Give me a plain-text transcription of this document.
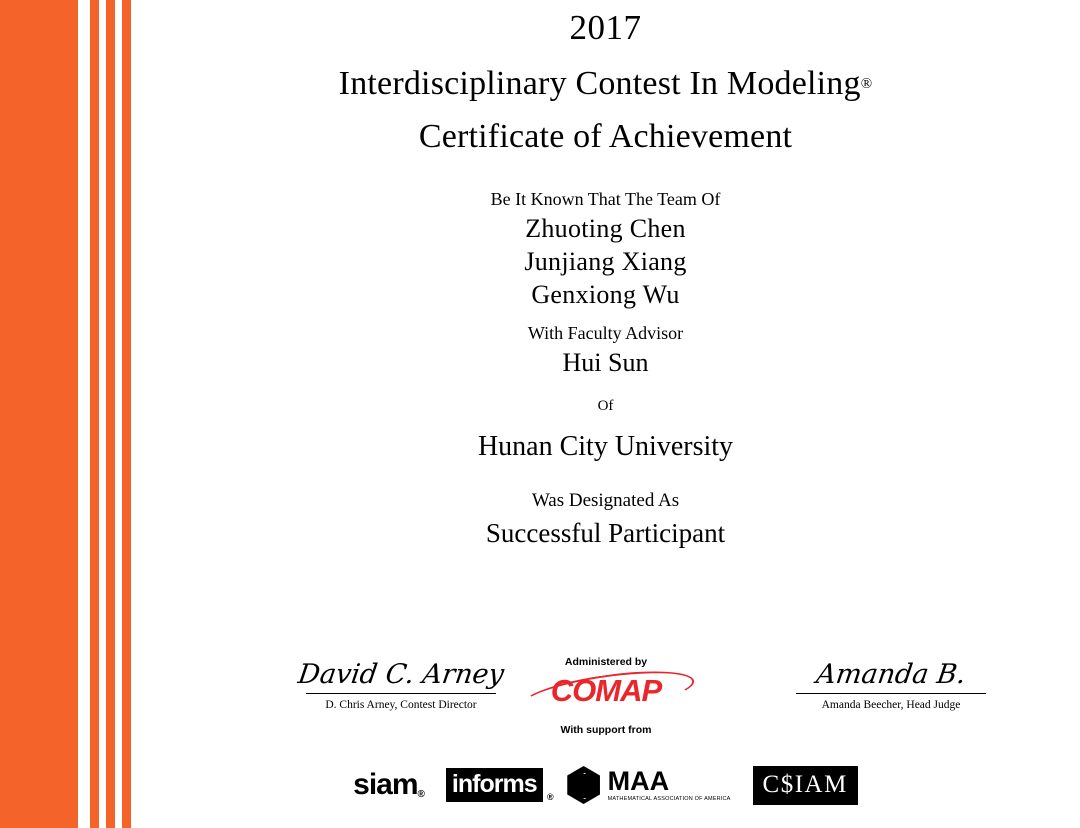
2017
Interdisciplinary Contest In Modeling®
Certificate of Achievement
Be It Known That The Team Of
Zhuoting Chen
Junjiang Xiang
Genxiong Wu
With Faculty Advisor
Hui Sun
Of
Hunan City University
Was Designated As
Successful Participant
David C. Arney
D. Chris Arney, Contest Director
Amanda B.
Amanda Beecher, Head Judge
Administered by
COMAP
With support from
siam® informs ®
MAA
MATHEMATICAL ASSOCIATION OF AMERICA
C$IAM
